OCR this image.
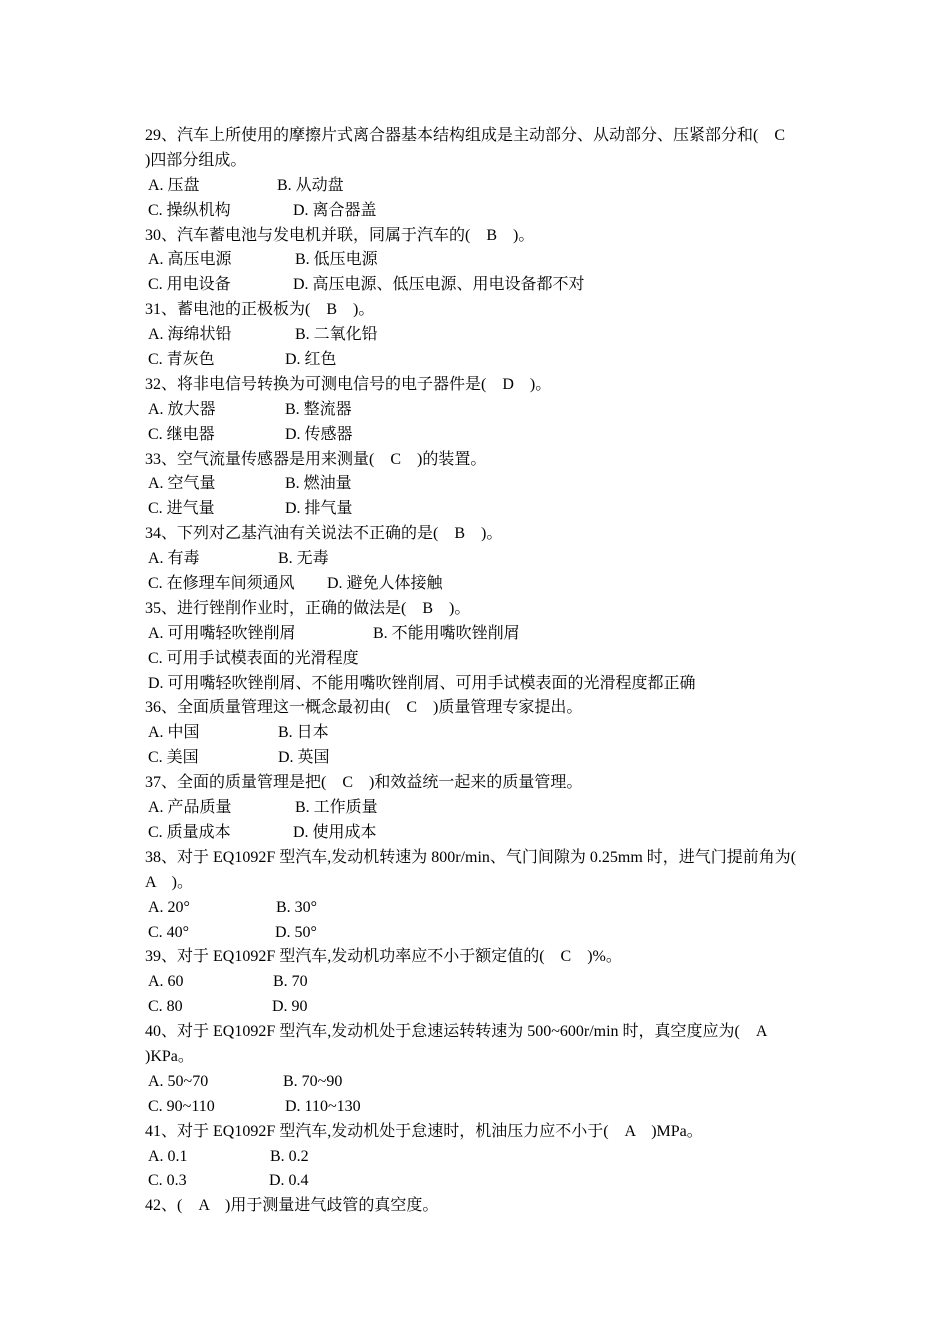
29、汽车上所使用的摩擦片式离合器基本结构组成是主动部分、从动部分、压紧部分和(　C
)四部分组成。
A. 压盘	B. 从动盘
C. 操纵机构	D. 离合器盖
30、汽车蓄电池与发电机并联，同属于汽车的(　B　)。
A. 高压电源	B. 低压电源
C. 用电设备	D. 高压电源、低压电源、用电设备都不对
31、蓄电池的正极板为(　B　)。
A. 海绵状铅	B. 二氧化铅
C. 青灰色	D. 红色
32、将非电信号转换为可测电信号的电子器件是(　D　)。
A. 放大器	B. 整流器
C. 继电器	D. 传感器
33、空气流量传感器是用来测量(　C　)的装置。
A. 空气量	B. 燃油量
C. 进气量	D. 排气量
34、下列对乙基汽油有关说法不正确的是(　B　)。
A. 有毒	B. 无毒
C. 在修理车间须通风 D. 避免人体接触
35、进行锉削作业时，正确的做法是(　B　)。
A. 可用嘴轻吹锉削屑	B. 不能用嘴吹锉削屑
C. 可用手试模表面的光滑程度
D. 可用嘴轻吹锉削屑、不能用嘴吹锉削屑、可用手试模表面的光滑程度都正确
36、全面质量管理这一概念最初由(　C　)质量管理专家提出。
A. 中国	B. 日本
C. 美国	D. 英国
37、全面的质量管理是把(　C　)和效益统一起来的质量管理。
A. 产品质量	B. 工作质量
C. 质量成本	D. 使用成本
38、对于 EQ1092F 型汽车,发动机转速为 800r/min、气门间隙为 0.25mm 时，进气门提前角为(
A　)。
A. 20°	B. 30°
C. 40°	D. 50°
39、对于 EQ1092F 型汽车,发动机功率应不小于额定值的(　C　)%。
A. 60	B. 70
C. 80	D. 90
40、对于 EQ1092F 型汽车,发动机处于怠速运转转速为 500~600r/min 时，真空度应为(　A
)KPa。
A. 50~70	B. 70~90
C. 90~110	D. 110~130
41、对于 EQ1092F 型汽车,发动机处于怠速时，机油压力应不小于(　A　)MPa。
A. 0.1	B. 0.2
C. 0.3	D. 0.4
42、(　A　)用于测量进气歧管的真空度。
